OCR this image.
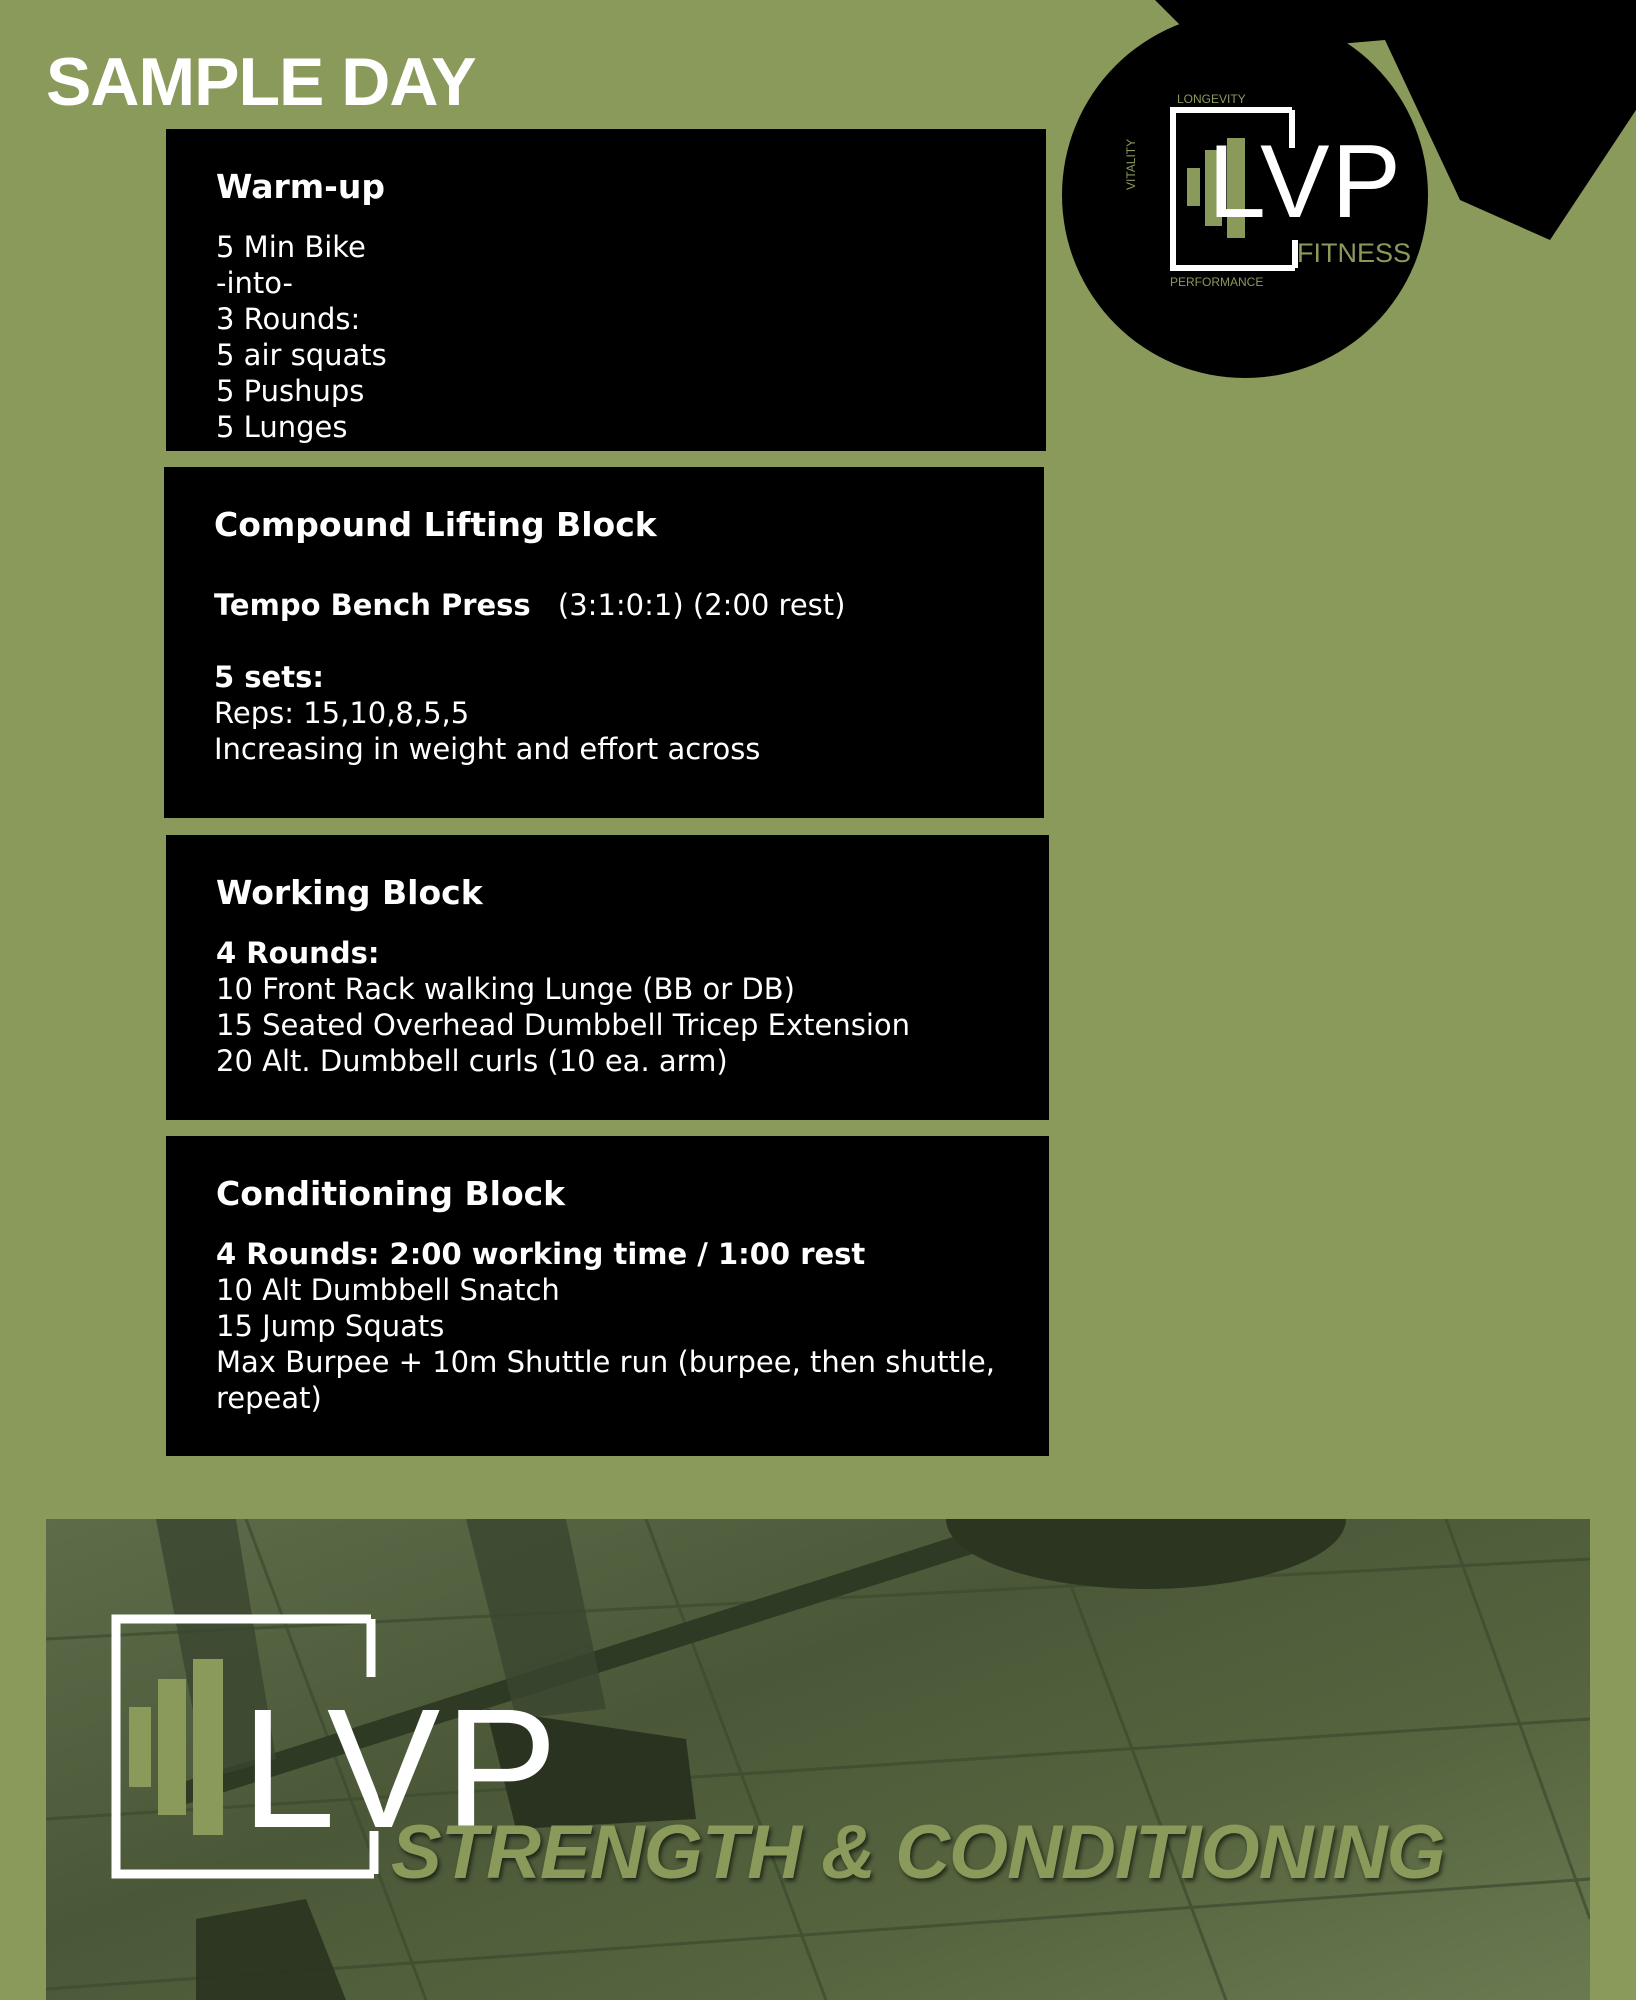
SAMPLE DAY
Warm-up
5 Min Bike
-into-
3 Rounds:
5 air squats
5 Pushups
5 Lunges
Compound Lifting Block
Tempo Bench Press (3:1:0:1) (2:00 rest)
5 sets:
Reps: 15,10,8,5,5
Increasing in weight and effort across
Working Block
4 Rounds:
10 Front Rack walking Lunge (BB or DB)
15 Seated Overhead Dumbbell Tricep Extension
20 Alt. Dumbbell curls (10 ea. arm)
Conditioning Block
4 Rounds: 2:00 working time / 1:00 rest
10 Alt Dumbbell Snatch
15 Jump Squats
Max Burpee + 10m Shuttle run (burpee, then shuttle,
repeat)
LONGEVITY
LVP
FITNESS
VITALITY
PERFORMANCE
LVP
STRENGTH & CONDITIONING
